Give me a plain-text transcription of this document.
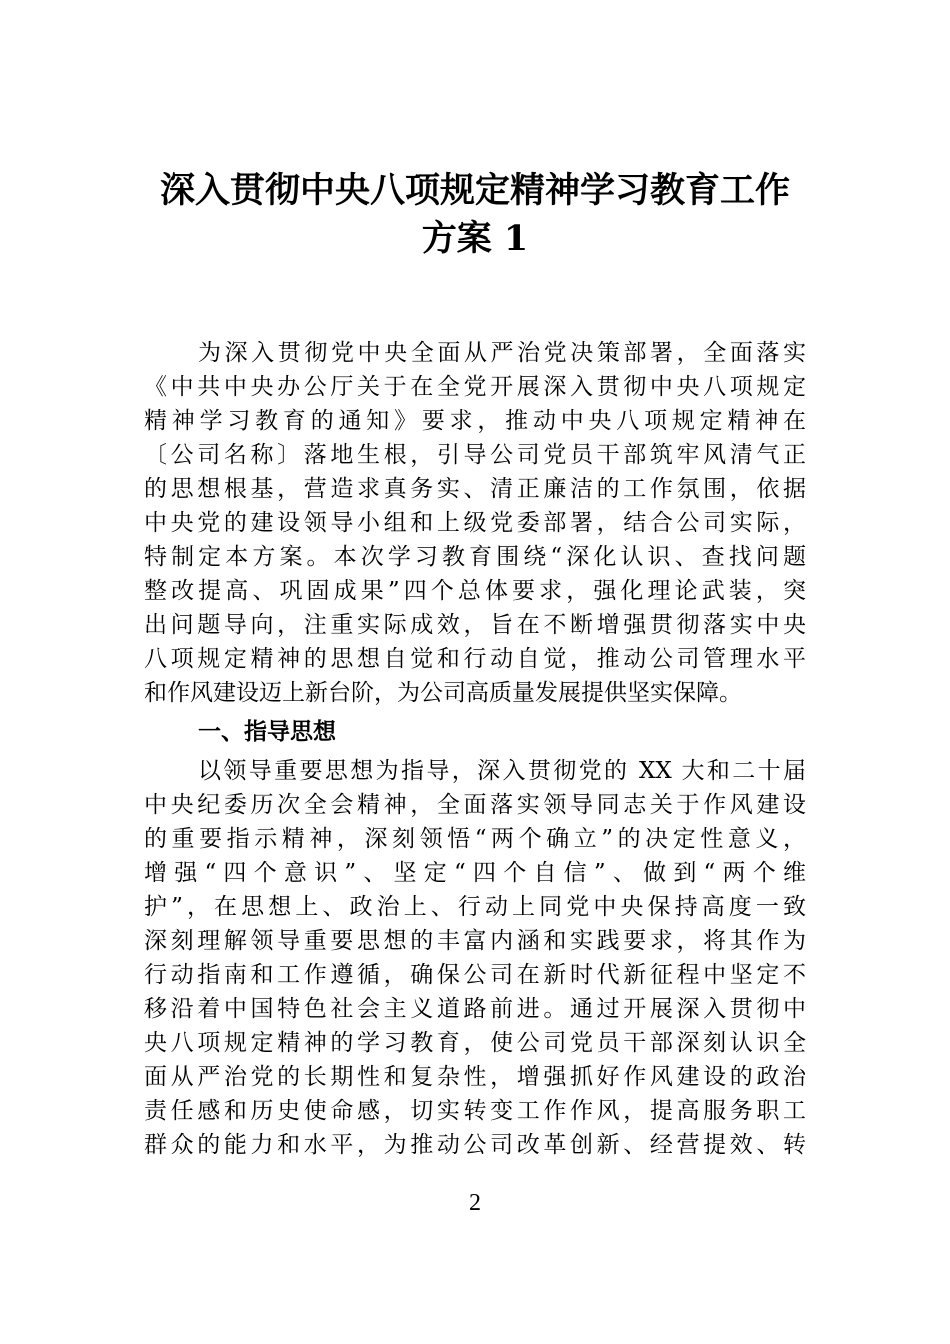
深入贯彻中央八项规定精神学习教育工作
方案 1
为深入贯彻党中央全面从严治党决策部署，全面落实
《中共中央办公厅关于在全党开展深入贯彻中央八项规定
精神学习教育的通知》要求，推动中央八项规定精神在
〔公司名称〕落地生根，引导公司党员干部筑牢风清气正
的思想根基，营造求真务实、清正廉洁的工作氛围，依据
中央党的建设领导小组和上级党委部署，结合公司实际，
特制定本方案。本次学习教育围绕“深化认识、查找问题
整改提高、巩固成果”四个总体要求，强化理论武装，突
出问题导向，注重实际成效，旨在不断增强贯彻落实中央
八项规定精神的思想自觉和行动自觉，推动公司管理水平
和作风建设迈上新台阶，为公司高质量发展提供坚实保障。
一、指导思想
以领导重要思想为指导，深入贯彻党的 XX 大和二十届
中央纪委历次全会精神，全面落实领导同志关于作风建设
的重要指示精神，深刻领悟“两个确立”的决定性意义，
增强“四个意识”、坚定“四个自信”、做到“两个维
护”，在思想上、政治上、行动上同党中央保持高度一致
深刻理解领导重要思想的丰富内涵和实践要求，将其作为
行动指南和工作遵循，确保公司在新时代新征程中坚定不
移沿着中国特色社会主义道路前进。通过开展深入贯彻中
央八项规定精神的学习教育，使公司党员干部深刻认识全
面从严治党的长期性和复杂性，增强抓好作风建设的政治
责任感和历史使命感，切实转变工作作风，提高服务职工
群众的能力和水平，为推动公司改革创新、经营提效、转
2
